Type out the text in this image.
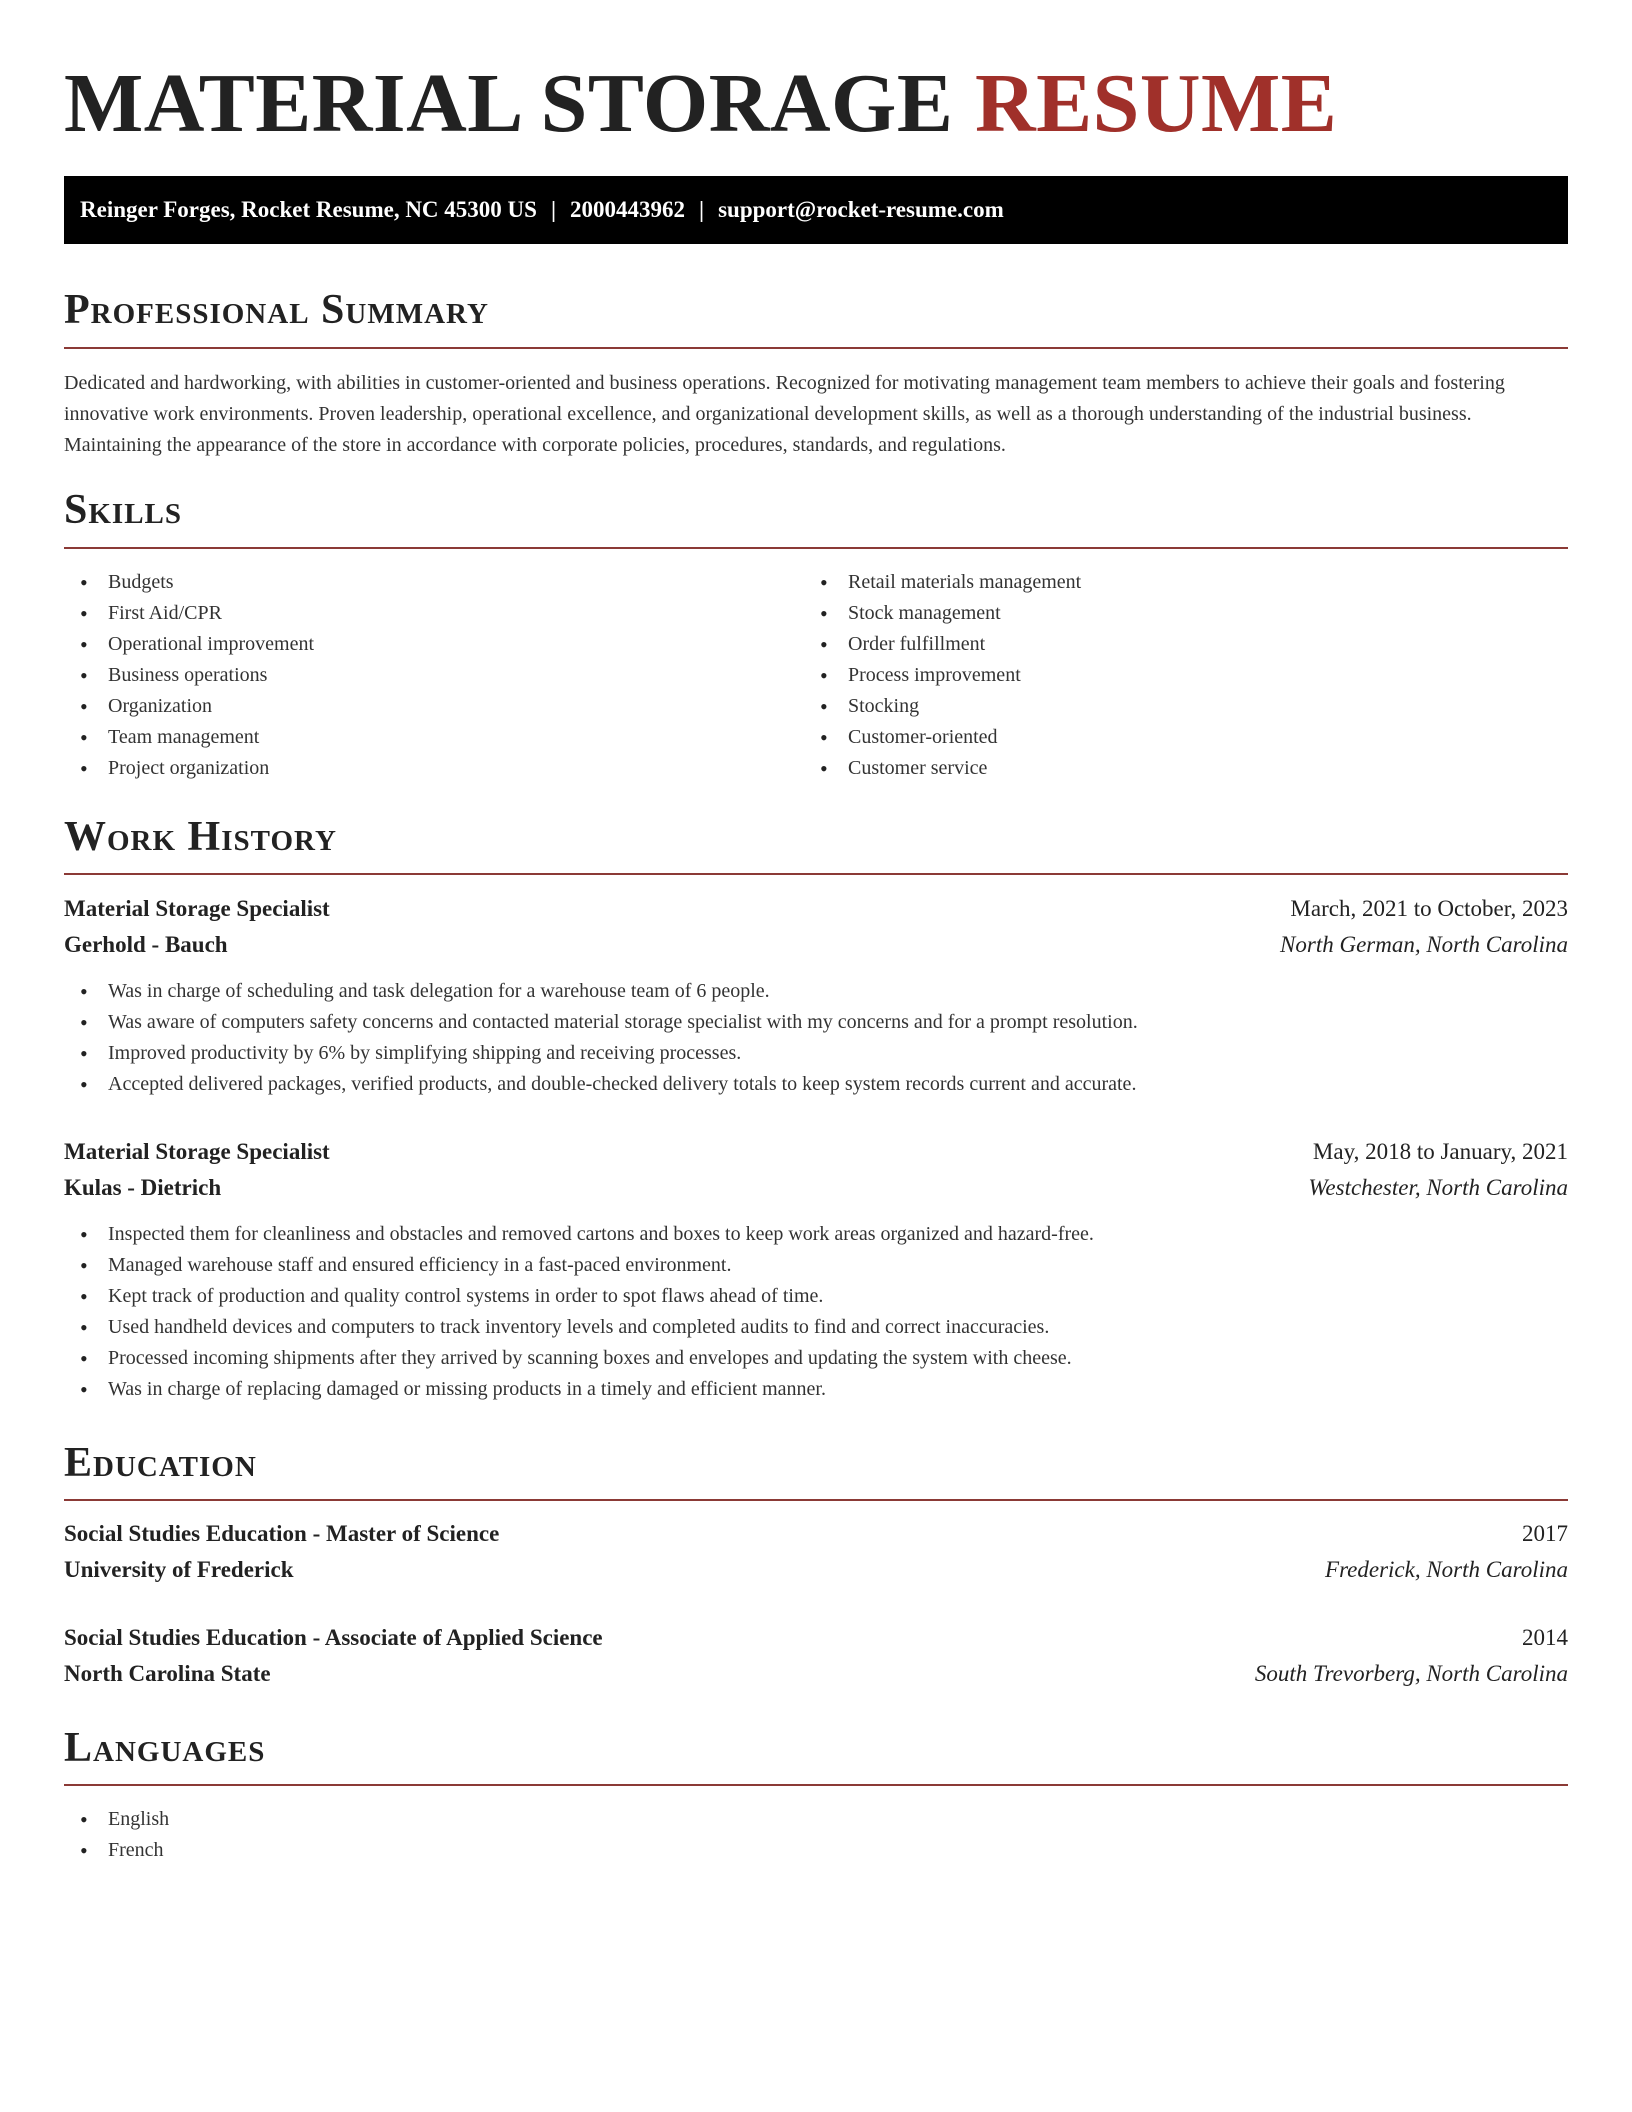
MATERIAL STORAGE RESUME
Reinger Forges, Rocket Resume, NC 45300 US | 2000443962 | support@rocket-resume.com
Professional Summary

Dedicated and hardworking, with abilities in customer-oriented and business operations. Recognized for motivating management team members to achieve their goals and fostering innovative work environments. Proven leadership, operational excellence, and organizational development skills, as well as a thorough understanding of the industrial business. Maintaining the appearance of the store in accordance with corporate policies, procedures, standards, and regulations.

Skills
• Budgets
• First Aid/CPR
• Operational improvement
• Business operations
• Organization
• Team management
• Project organization
• Retail materials management
• Stock management
• Order fulfillment
• Process improvement
• Stocking
• Customer-oriented
• Customer service
Work History
Material Storage Specialist	March, 2021 to October, 2023
Gerhold - Bauch	North German, North Carolina
• Was in charge of scheduling and task delegation for a warehouse team of 6 people.
• Was aware of computers safety concerns and contacted material storage specialist with my concerns and for a prompt resolution.
• Improved productivity by 6% by simplifying shipping and receiving processes.
• Accepted delivered packages, verified products, and double-checked delivery totals to keep system records current and accurate.
Material Storage Specialist	May, 2018 to January, 2021
Kulas - Dietrich	Westchester, North Carolina
• Inspected them for cleanliness and obstacles and removed cartons and boxes to keep work areas organized and hazard-free.
• Managed warehouse staff and ensured efficiency in a fast-paced environment.
• Kept track of production and quality control systems in order to spot flaws ahead of time.
• Used handheld devices and computers to track inventory levels and completed audits to find and correct inaccuracies.
• Processed incoming shipments after they arrived by scanning boxes and envelopes and updating the system with cheese.
• Was in charge of replacing damaged or missing products in a timely and efficient manner.
Education
Social Studies Education - Master of Science	2017
University of Frederick	Frederick, North Carolina
Social Studies Education - Associate of Applied Science	2014
North Carolina State	South Trevorberg, North Carolina
Languages
• English
• French
